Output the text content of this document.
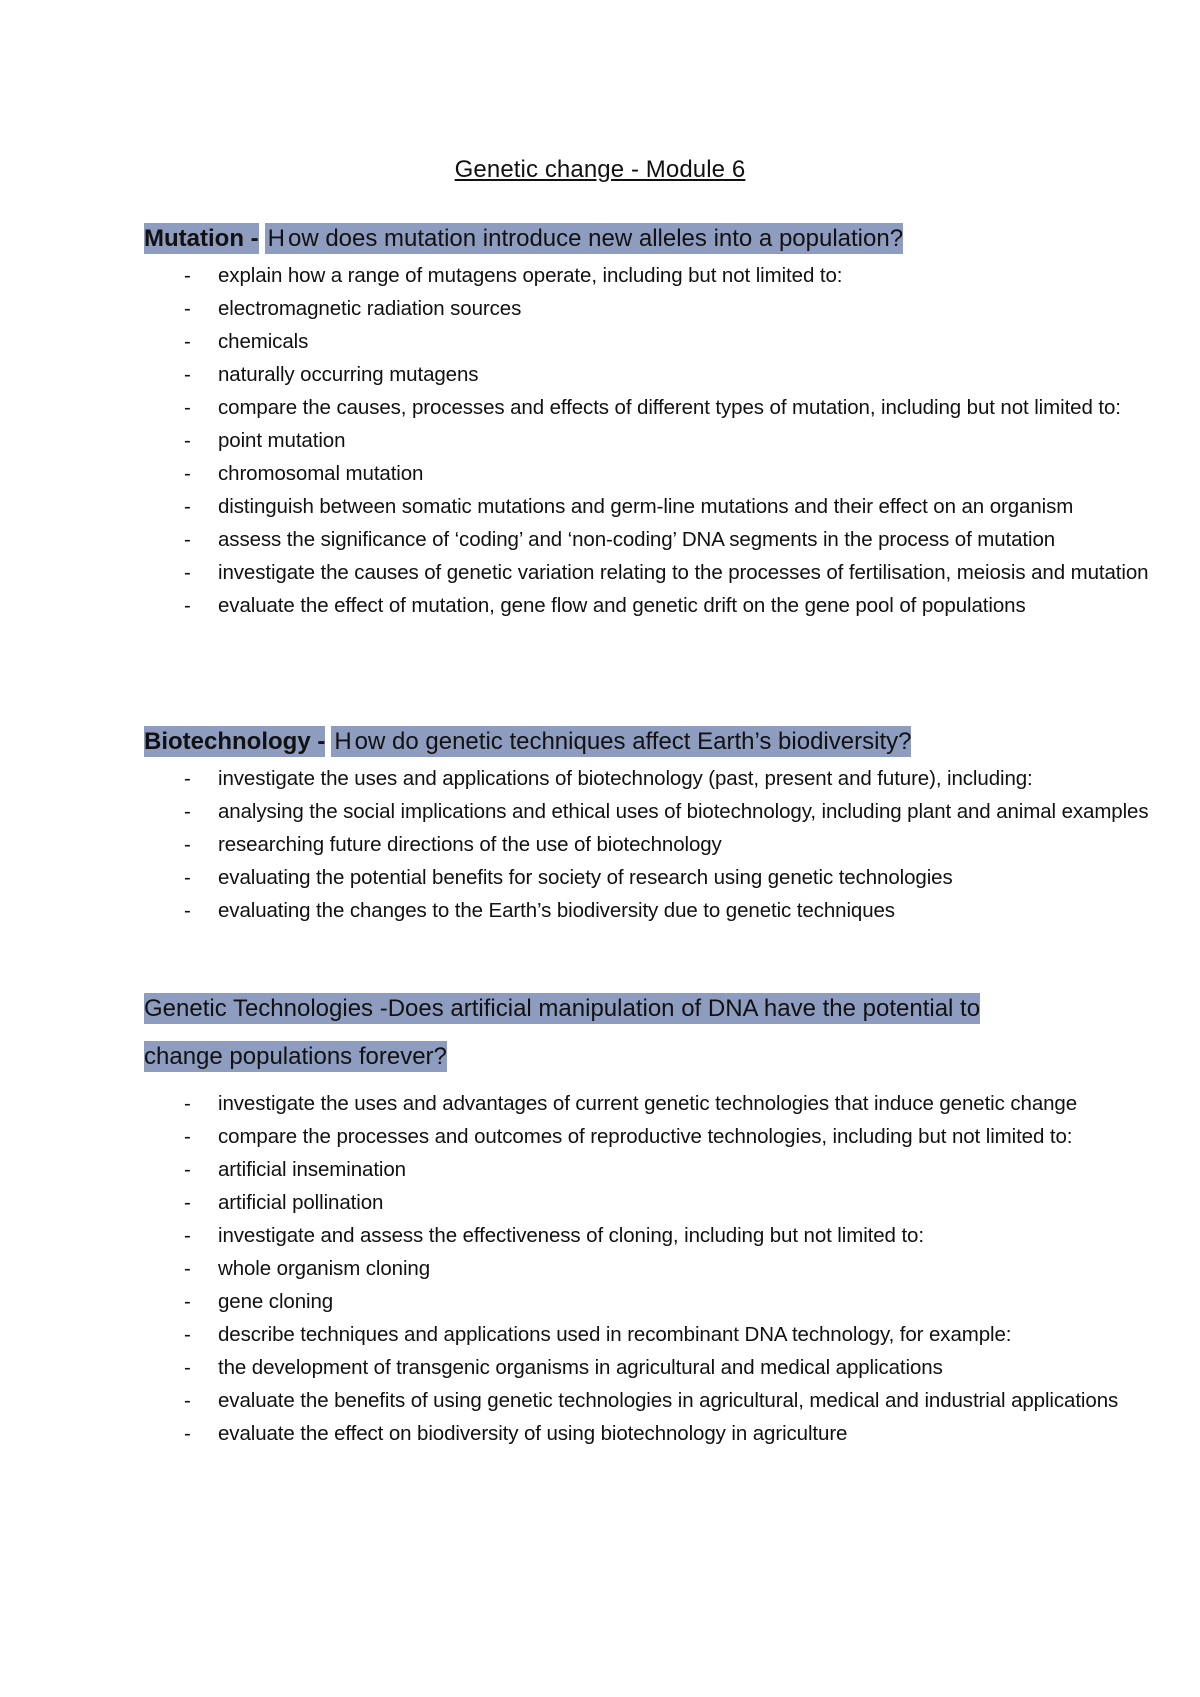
Genetic change - Module 6

Mutation - H ow does mutation introduce new alleles into a population?

- explain how a range of mutagens operate, including but not limited to:
- electromagnetic radiation sources
- chemicals
- naturally occurring mutagens
- compare the causes, processes and effects of different types of mutation, including but not limited to:
- point mutation
- chromosomal mutation
- distinguish between somatic mutations and germ-line mutations and their effect on an organism
- assess the significance of ‘coding’ and ‘non-coding’ DNA segments in the process of mutation
- investigate the causes of genetic variation relating to the processes of fertilisation, meiosis and mutation
- evaluate the effect of mutation, gene flow and genetic drift on the gene pool of populations

Biotechnology - H ow do genetic techniques affect Earth’s biodiversity?

- investigate the uses and applications of biotechnology (past, present and future), including:
- analysing the social implications and ethical uses of biotechnology, including plant and animal examples
- researching future directions of the use of biotechnology
- evaluating the potential benefits for society of research using genetic technologies
- evaluating the changes to the Earth’s biodiversity due to genetic techniques
Genetic Technologies -Does artificial manipulation of DNA have the potential to
change populations forever?
- investigate the uses and advantages of current genetic technologies that induce genetic change
- compare the processes and outcomes of reproductive technologies, including but not limited to:
- artificial insemination
- artificial pollination
- investigate and assess the effectiveness of cloning, including but not limited to:
- whole organism cloning
- gene cloning
- describe techniques and applications used in recombinant DNA technology, for example:
- the development of transgenic organisms in agricultural and medical applications
- evaluate the benefits of using genetic technologies in agricultural, medical and industrial applications
- evaluate the effect on biodiversity of using biotechnology in agriculture
